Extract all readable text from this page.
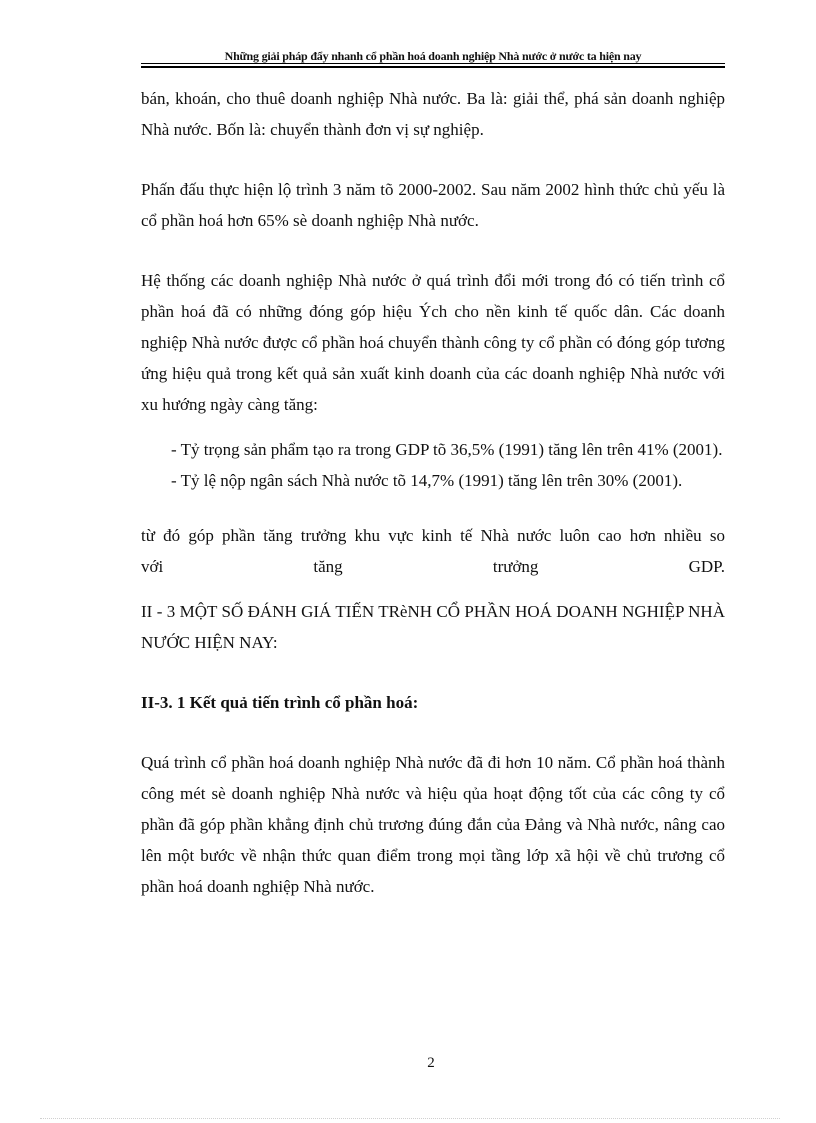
Những giải pháp đẩy nhanh cổ phần hoá doanh nghiệp Nhà nước ở nước ta hiện nay

bán, khoán, cho thuê doanh nghiệp Nhà nước. Ba là: giải thể, phá sản doanh nghiệp Nhà nước. Bốn là: chuyển thành đơn vị sự nghiệp.

Phấn đấu thực hiện lộ trình 3 năm tõ 2000-2002. Sau năm 2002 hình thức chủ yếu là cổ phần hoá hơn 65% sè doanh nghiệp Nhà nước.

Hệ thống các doanh nghiệp Nhà nước ở quá trình đổi mới trong đó có tiến trình cổ phần hoá đã có những đóng góp hiệu Ých cho nền kinh tế quốc dân. Các doanh nghiệp Nhà nước được cổ phần hoá chuyển thành công ty cổ phần có đóng góp tương ứng hiệu quả trong kết quả sản xuất kinh doanh của các doanh nghiệp Nhà nước với xu hướng ngày càng tăng:

- Tỷ trọng sản phẩm tạo ra trong GDP tõ 36,5% (1991) tăng lên trên 41% (2001).

- Tỷ lệ nộp ngân sách Nhà nước tõ 14,7% (1991) tăng lên trên 30% (2001).

từ đó góp phần tăng trưởng khu vực kinh tế Nhà nước luôn cao hơn nhiều so

với tăng trưởng GDP.

II - 3 MỘT SỐ ĐÁNH GIÁ TIẾN TRèNH CỔ PHẦN HOÁ DOANH NGHIỆP NHÀ NƯỚC HIỆN NAY:

II-3. 1 Kết quả tiến trình cổ phần hoá:

Quá trình cổ phần hoá doanh nghiệp Nhà nước đã đi hơn 10 năm. Cổ phần hoá thành công mét sè doanh nghiệp Nhà nước và hiệu qủa hoạt động tốt của các công ty cổ phần đã góp phần khẳng định chủ trương đúng đắn của Đảng và Nhà nước, nâng cao lên một bước về nhận thức quan điểm trong mọi tầng lớp xã hội về chủ trương cổ phần hoá doanh nghiệp Nhà nước.

2
